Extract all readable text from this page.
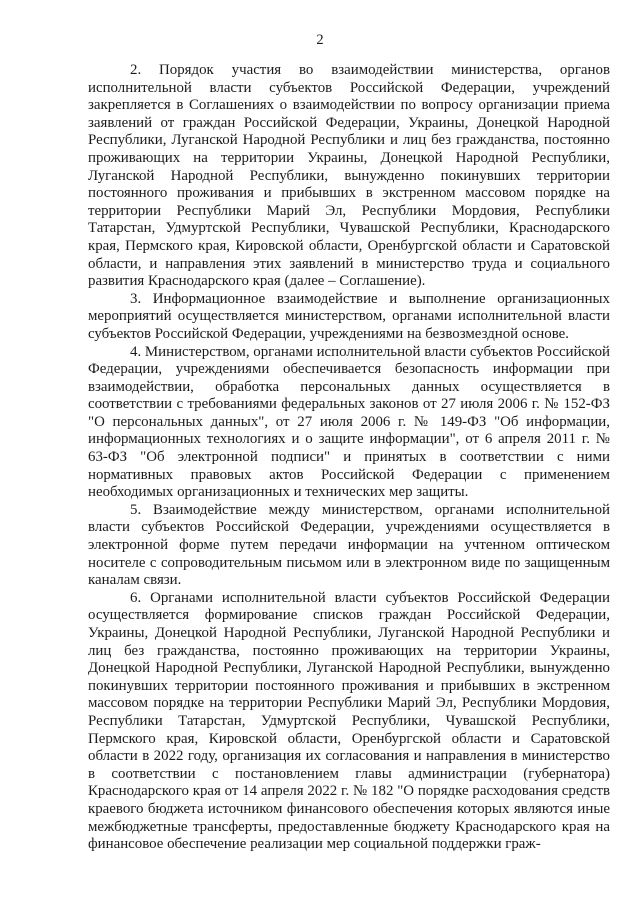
2

2. Порядок участия во взаимодействии министерства, органов исполнительной власти субъектов Российской Федерации, учреждений закрепляется в Соглашениях о взаимодействии по вопросу организации приема заявлений от граждан Российской Федерации, Украины, Донецкой Народной Республики, Луганской Народной Республики и лиц без гражданства, постоянно проживающих на территории Украины, Донецкой Народной Республики, Луганской Народной Республики, вынужденно покинувших территории постоянного проживания и прибывших в экстренном массовом порядке на территории Республики Марий Эл, Республики Мордовия, Республики Татарстан, Удмуртской Республики, Чувашской Республики, Краснодарского края, Пермского края, Кировской области, Оренбургской области и Саратовской области, и направления этих заявлений в министерство труда и социального развития Краснодарского края (далее – Соглашение).

3. Информационное взаимодействие и выполнение организационных мероприятий осуществляется министерством, органами исполнительной власти субъектов Российской Федерации, учреждениями на безвозмездной основе.

4. Министерством, органами исполнительной власти субъектов Российской Федерации, учреждениями обеспечивается безопасность информации при взаимодействии, обработка персональных данных осуществляется в соответствии с требованиями федеральных законов от 27 июля 2006 г. № 152-ФЗ "О персональных данных", от 27 июля 2006 г. № 149-ФЗ "Об информации, информационных технологиях и о защите информации", от 6 апреля 2011 г. № 63-ФЗ "Об электронной подписи" и принятых в соответствии с ними нормативных правовых актов Российской Федерации с применением необходимых организационных и технических мер защиты.

5. Взаимодействие между министерством, органами исполнительной власти субъектов Российской Федерации, учреждениями осуществляется в электронной форме путем передачи информации на учтенном оптическом носителе с сопроводительным письмом или в электронном виде по защищенным каналам связи.

6. Органами исполнительной власти субъектов Российской Федерации осуществляется формирование списков граждан Российской Федерации, Украины, Донецкой Народной Республики, Луганской Народной Республики и лиц без гражданства, постоянно проживающих на территории Украины, Донецкой Народной Республики, Луганской Народной Республики, вынужденно покинувших территории постоянного проживания и прибывших в экстренном массовом порядке на территории Республики Марий Эл, Республики Мордовия, Республики Татарстан, Удмуртской Республики, Чувашской Республики, Пермского края, Кировской области, Оренбургской области и Саратовской области в 2022 году, организация их согласования и направления в министерство в соответствии с постановлением главы администрации (губернатора) Краснодарского края от 14 апреля 2022 г. № 182 "О порядке расходования средств краевого бюджета источником финансового обеспечения которых являются иные межбюджетные трансферты, предоставленные бюджету Краснодарского края на финансовое обеспечение реализации мер социальной поддержки граж-
